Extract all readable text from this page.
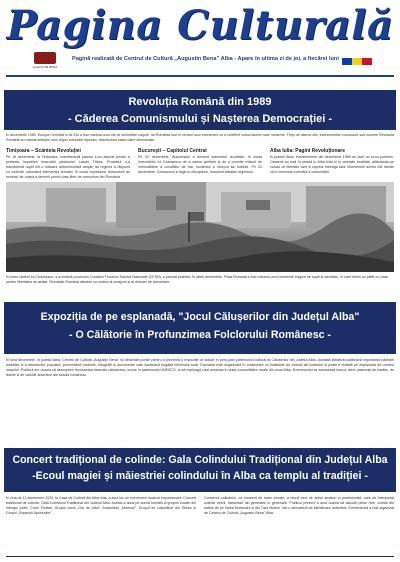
Pagina Culturală
AUGUSTIN BENA
Pagină realizată de Centrul de Cultură „Augustin Bena” Alba - Apare în ultima zi de joi, a fiecărei luni
Revoluția Română din 1989
- Căderea Comunismului și Nașterea Democrației -
În decembrie 1989, Europa Centrală și de Est a fost martora unui val de schimbări majore, iar România fost în centrul unui eveniment ce a redefinit cursul istoriei sale moderne. Timp de câteva zile, evenimentele cunoscute sub numele Revoluția Română au marcat sfârșitul unui regim comunist represiv, deschizând calea către democrație.
Timișoara – Scânteia Revoluției
Pe 16 decembrie, la Timișoara, manifestanții pașnici s-au adunat pentru a protesta împotriva evacuării pastorului László Tőkés. Protestul s-a transformat rapid într-o mișcare anticomunistă amplă, iar regimul a răspuns cu violență, ordonând intervenția armatei. În ciuda represiunii, timișorenii au rezistat, iar orașul a devenit primul oraș liber de comunism din România.
București – Capitolul Central
Pe 20 decembrie, Bucureștiul a devenit epicentrul revoluției. În ciuda încercărilor lui Ceaușescu de a calma spiritele și de a promite măsuri de îmbunătățire a condițiilor de trai, mulțimea a început să huiduie. Pe 22 decembrie, Ceaușescu a fugit cu elicopterul, marcând sfârșitul regimului.
Alba Iulia: Pagini Revoluționare
În județul Alba, evenimentele din decembrie 1989 au avut un ecou puternic. Oamenii au ieșit în stradă în Alba Iulia și în celelalte localități, alăturându-se valului de libertate care a cuprins întreaga țară. Momentele acelor zile rămân vii în memoria colectivă a comunității.
În urma căderii lui Ceaușescu, s-a instituit provizoriu Consiliul Frontului Salvării Naționale (CFSN), a preluat puterea. În zilele decembrie, Piața Romană a fost martora unor momente tragice de luptă și sacrificiu, în care tinerii au plătit cu viața pentru libertatea de astăzi. Revoluția Română rămâne un simbol al curajului și al dorinței de schimbare.
Expoziția de pe esplanadă, "Jocul Călușerilor din Județul Alba"
- O Călătorie în Profunzimea Folclorului Românesc -
În luna decembrie, în județul Alba, Centrul de Cultură „Augustin Bena” își deschide porțile pentru a prezenta o expoziție ce aduce în prim-plan patrimoniul cultural al Călușerilor din Județul Alba. Această inițiativă subliniază importanța păstrării tradițiilor și a obiceiurilor populare, prezentând costume, fotografii și documente care ilustrează bogăția folclorului local. Expoziția este organizată în colaborare cu instituțiile de cultură ale județului și poate fi vizitată pe esplanada din centrul orașului. Publicul are ocazia să descopere frumusețea dansului călușeresc, inclus în patrimoniul UNESCO, și să înțeleagă rolul acestuia în viața comunităților rurale din zona Alba. Evenimentul se adresează tuturor celor pasionați de tradiție, de istorie și de valorile autentice ale satului românesc.
Concert tradițional de colinde: Gala Colindului Tradițional din Județul Alba
-Ecoul magiei și măiestriei colindului în Alba ca templu al tradiției -
În ziua de 11 decembrie 2024, la Casa de Cultură din Alba Iulia, a avut loc un eveniment muzical impresionant: Concert tradițional de colinde: Gala Colindului Tradițional din Județul Alba. Acesta a adus pe scenă formații și grupuri vocale din întregul județ: Corul Trinitas, Grupul vocal „Dor de Alba”, Ansamblul „Mureșul”, Grupul de colindători din Sebeș și Grupul „Rapsozii Apusenilor”.
Concertul colindului, ca moment de mare emoție, a reunit zeci de artiști amatori și profesioniști, care au interpretat colinde vechi, transmise din generație în generație. Publicul prezent a avut ocazia să asculte piese rare, culese din satele de pe Valea Mureșului și din Țara Moților, într-o atmosferă de sărbătoare autentică. Evenimentul a fost organizat de Centrul de Cultură „Augustin Bena” Alba.
